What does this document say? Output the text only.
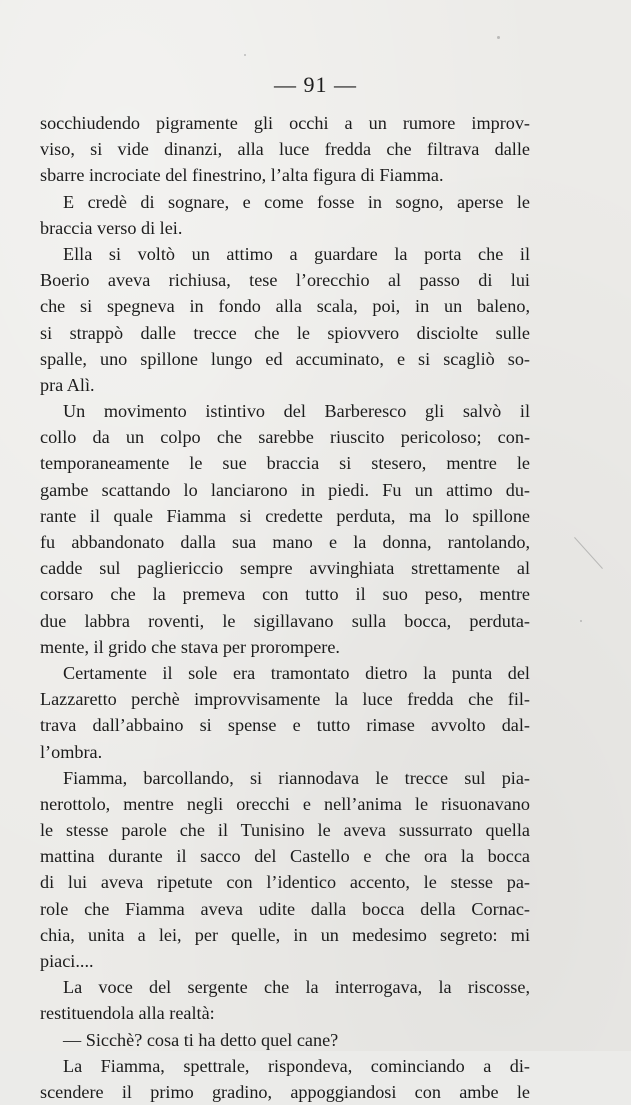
— 91 —
socchiudendo pigramente gli occhi a un rumore improv-
viso, si vide dinanzi, alla luce fredda che filtrava dalle
sbarre incrociate del finestrino, l’alta figura di Fiamma.
E credè di sognare, e come fosse in sogno, aperse le
braccia verso di lei.
Ella si voltò un attimo a guardare la porta che il
Boerio aveva richiusa, tese l’orecchio al passo di lui
che si spegneva in fondo alla scala, poi, in un baleno,
si strappò dalle trecce che le spiovvero disciolte sulle
spalle, uno spillone lungo ed accuminato, e si scagliò so-
pra Alì.
Un movimento istintivo del Barberesco gli salvò il
collo da un colpo che sarebbe riuscito pericoloso; con-
temporaneamente le sue braccia si stesero, mentre le
gambe scattando lo lanciarono in piedi. Fu un attimo du-
rante il quale Fiamma si credette perduta, ma lo spillone
fu abbandonato dalla sua mano e la donna, rantolando,
cadde sul pagliericcio sempre avvinghiata strettamente al
corsaro che la premeva con tutto il suo peso, mentre
due labbra roventi, le sigillavano sulla bocca, perduta-
mente, il grido che stava per prorompere.
Certamente il sole era tramontato dietro la punta del
Lazzaretto perchè improvvisamente la luce fredda che fil-
trava dall’abbaino si spense e tutto rimase avvolto dal-
l’ombra.
Fiamma, barcollando, si riannodava le trecce sul pia-
nerottolo, mentre negli orecchi e nell’anima le risuonavano
le stesse parole che il Tunisino le aveva sussurrato quella
mattina durante il sacco del Castello e che ora la bocca
di lui aveva ripetute con l’identico accento, le stesse pa-
role che Fiamma aveva udite dalla bocca della Cornac-
chia, unita a lei, per quelle, in un medesimo segreto: mi
piaci....
La voce del sergente che la interrogava, la riscosse,
restituendola alla realtà:
— Sicchè? cosa ti ha detto quel cane?
La Fiamma, spettrale, rispondeva, cominciando a di-
scendere il primo gradino, appoggiandosi con ambe le
